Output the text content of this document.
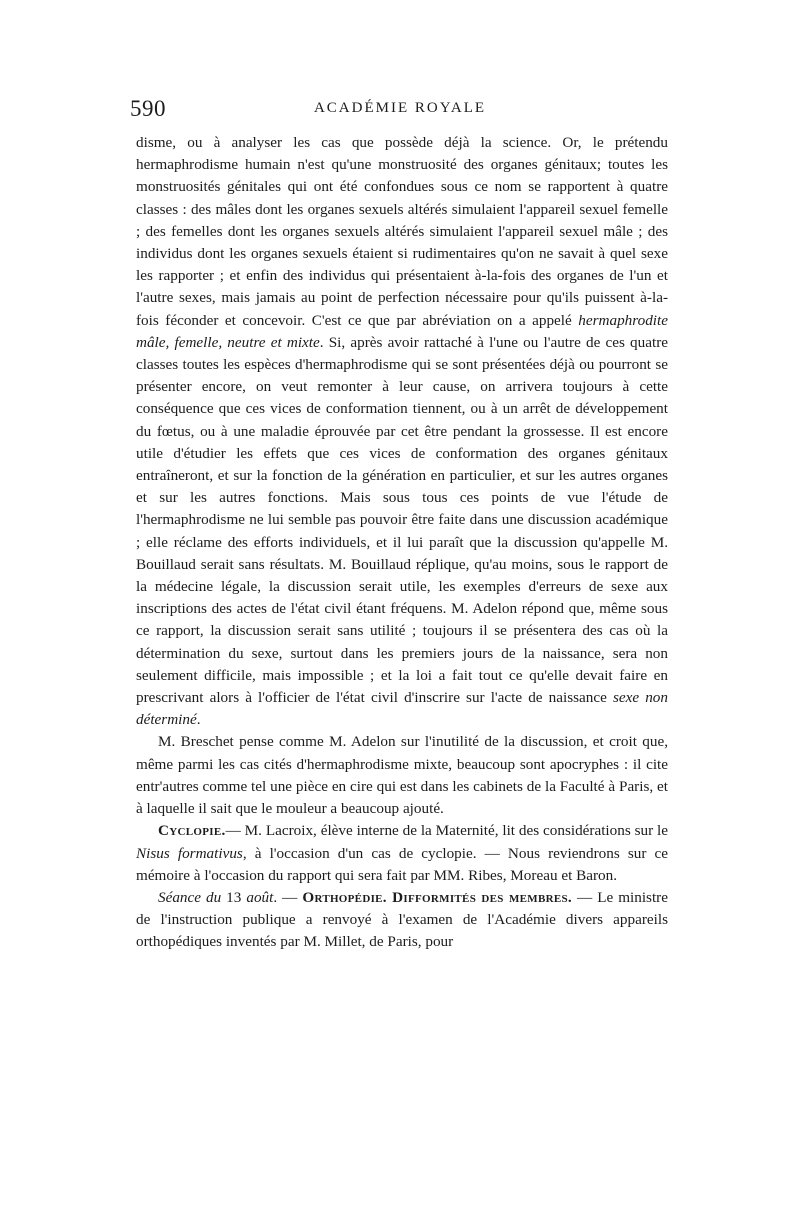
590	ACADÉMIE ROYALE

disme, ou à analyser les cas que possède déjà la science. Or, le prétendu hermaphrodisme humain n'est qu'une monstruosité des organes génitaux; toutes les monstruosités génitales qui ont été confondues sous ce nom se rapportent à quatre classes : des mâles dont les organes sexuels altérés simulaient l'appareil sexuel femelle ; des femelles dont les organes sexuels altérés simulaient l'appareil sexuel mâle ; des individus dont les organes sexuels étaient si rudimentaires qu'on ne savait à quel sexe les rapporter ; et enfin des individus qui présentaient à-la-fois des organes de l'un et l'autre sexes, mais jamais au point de perfection nécessaire pour qu'ils puissent à-la-fois féconder et concevoir. C'est ce que par abréviation on a appelé hermaphrodite mâle, femelle, neutre et mixte. Si, après avoir rattaché à l'une ou l'autre de ces quatre classes toutes les espèces d'hermaphrodisme qui se sont présentées déjà ou pourront se présenter encore, on veut remonter à leur cause, on arrivera toujours à cette conséquence que ces vices de conformation tiennent, ou à un arrêt de développement du fœtus, ou à une maladie éprouvée par cet être pendant la grossesse. Il est encore utile d'étudier les effets que ces vices de conformation des organes génitaux entraîneront, et sur la fonction de la génération en particulier, et sur les autres organes et sur les autres fonctions. Mais sous tous ces points de vue l'étude de l'hermaphrodisme ne lui semble pas pouvoir être faite dans une discussion académique ; elle réclame des efforts individuels, et il lui paraît que la discussion qu'appelle M. Bouillaud serait sans résultats. M. Bouillaud réplique, qu'au moins, sous le rapport de la médecine légale, la discussion serait utile, les exemples d'erreurs de sexe aux inscriptions des actes de l'état civil étant fréquens. M. Adelon répond que, même sous ce rapport, la discussion serait sans utilité ; toujours il se présentera des cas où la détermination du sexe, surtout dans les premiers jours de la naissance, sera non seulement difficile, mais impossible ; et la loi a fait tout ce qu'elle devait faire en prescrivant alors à l'officier de l'état civil d'inscrire sur l'acte de naissance sexe non déterminé.

M. Breschet pense comme M. Adelon sur l'inutilité de la discussion, et croit que, même parmi les cas cités d'hermaphrodisme mixte, beaucoup sont apocryphes : il cite entr'autres comme tel une pièce en cire qui est dans les cabinets de la Faculté à Paris, et à laquelle il sait que le mouleur a beaucoup ajouté.

Cyclopie.— M. Lacroix, élève interne de la Maternité, lit des considérations sur le Nisus formativus, à l'occasion d'un cas de cyclopie. — Nous reviendrons sur ce mémoire à l'occasion du rapport qui sera fait par MM. Ribes, Moreau et Baron.

Séance du 13 août. — Orthopédie. Difformités des membres. — Le ministre de l'instruction publique a renvoyé à l'examen de l'Académie divers appareils orthopédiques inventés par M. Millet, de Paris, pour
